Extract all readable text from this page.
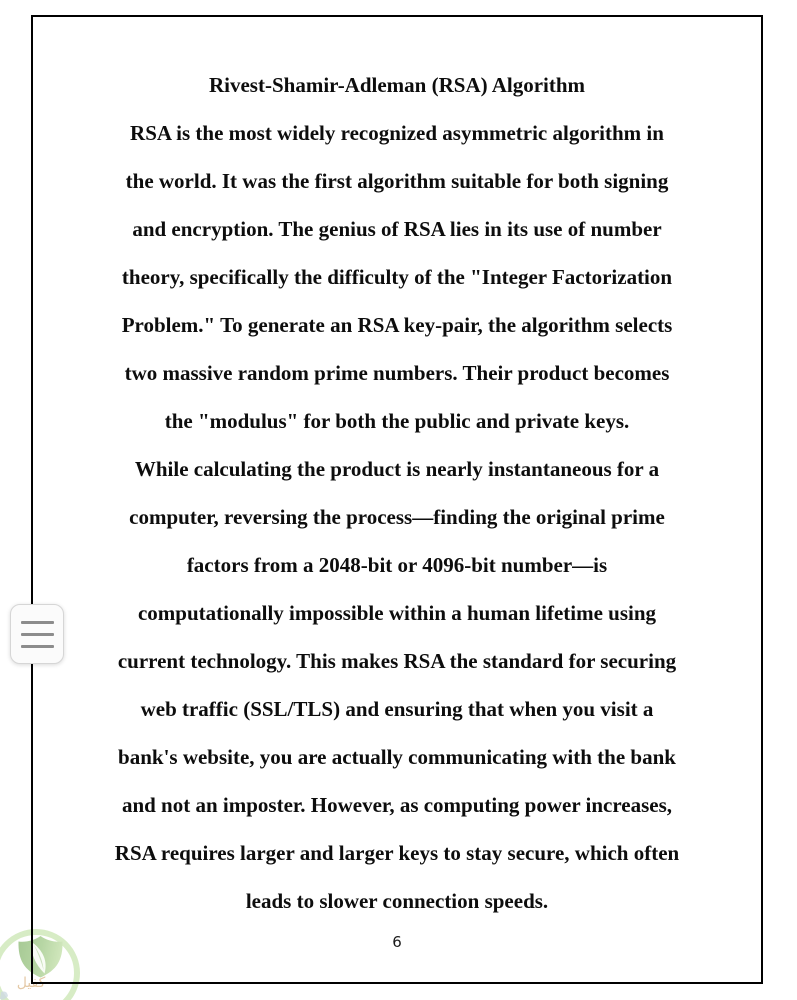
كفيل
Rivest-Shamir-Adleman (RSA) Algorithm
RSA is the most widely recognized asymmetric algorithm in
the world. It was the first algorithm suitable for both signing
and encryption. The genius of RSA lies in its use of number
theory, specifically the difficulty of the "Integer Factorization
Problem." To generate an RSA key-pair, the algorithm selects
two massive random prime numbers. Their product becomes
the "modulus" for both the public and private keys.
While calculating the product is nearly instantaneous for a
computer, reversing the process—finding the original prime
factors from a 2048-bit or 4096-bit number—is
computationally impossible within a human lifetime using
current technology. This makes RSA the standard for securing
web traffic (SSL/TLS) and ensuring that when you visit a
bank's website, you are actually communicating with the bank
and not an imposter. However, as computing power increases,
RSA requires larger and larger keys to stay secure, which often
leads to slower connection speeds.
6
